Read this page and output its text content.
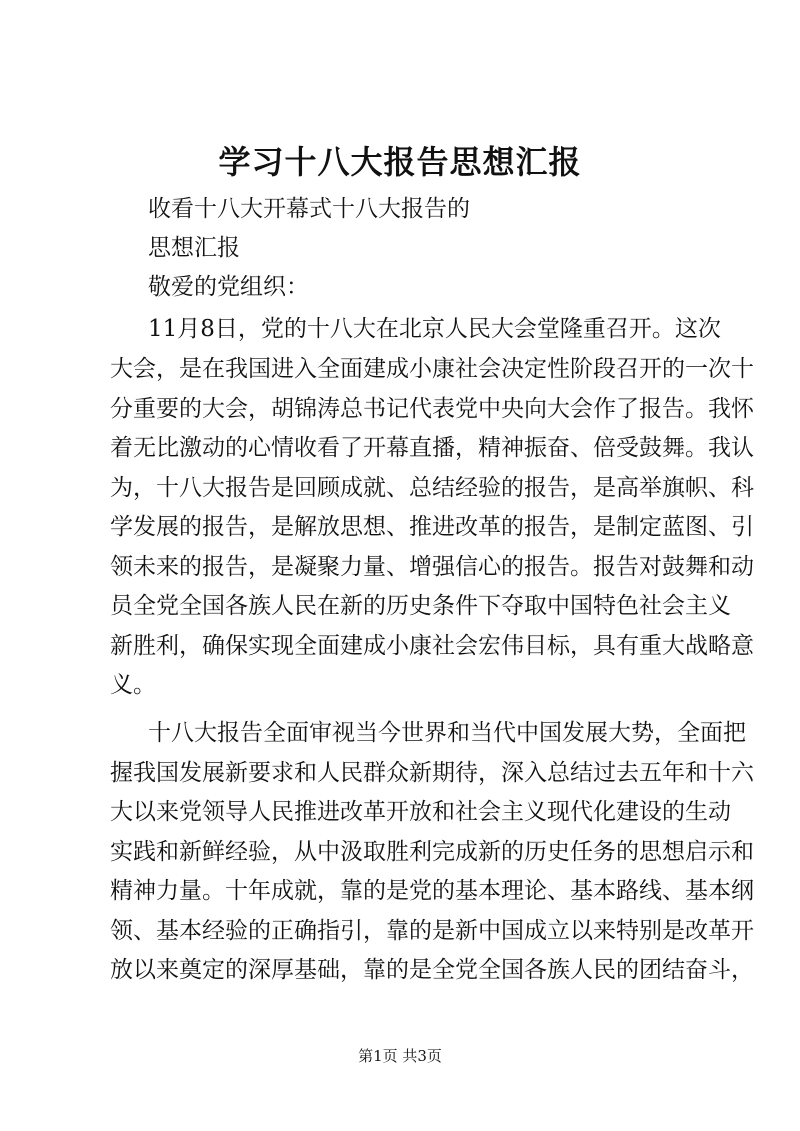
学习十八大报告思想汇报
收看十八大开幕式十八大报告的
思想汇报
敬爱的党组织：
11月8日，党的十八大在北京人民大会堂隆重召开。这次
大会，是在我国进入全面建成小康社会决定性阶段召开的一次十
分重要的大会，胡锦涛总书记代表党中央向大会作了报告。我怀
着无比激动的心情收看了开幕直播，精神振奋、倍受鼓舞。我认
为，十八大报告是回顾成就、总结经验的报告，是高举旗帜、科
学发展的报告，是解放思想、推进改革的报告，是制定蓝图、引
领未来的报告，是凝聚力量、增强信心的报告。报告对鼓舞和动
员全党全国各族人民在新的历史条件下夺取中国特色社会主义
新胜利，确保实现全面建成小康社会宏伟目标，具有重大战略意
义。
十八大报告全面审视当今世界和当代中国发展大势，全面把
握我国发展新要求和人民群众新期待，深入总结过去五年和十六
大以来党领导人民推进改革开放和社会主义现代化建设的生动
实践和新鲜经验，从中汲取胜利完成新的历史任务的思想启示和
精神力量。十年成就，靠的是党的基本理论、基本路线、基本纲
领、基本经验的正确指引，靠的是新中国成立以来特别是改革开
放以来奠定的深厚基础，靠的是全党全国各族人民的团结奋斗，
第1页 共3页
